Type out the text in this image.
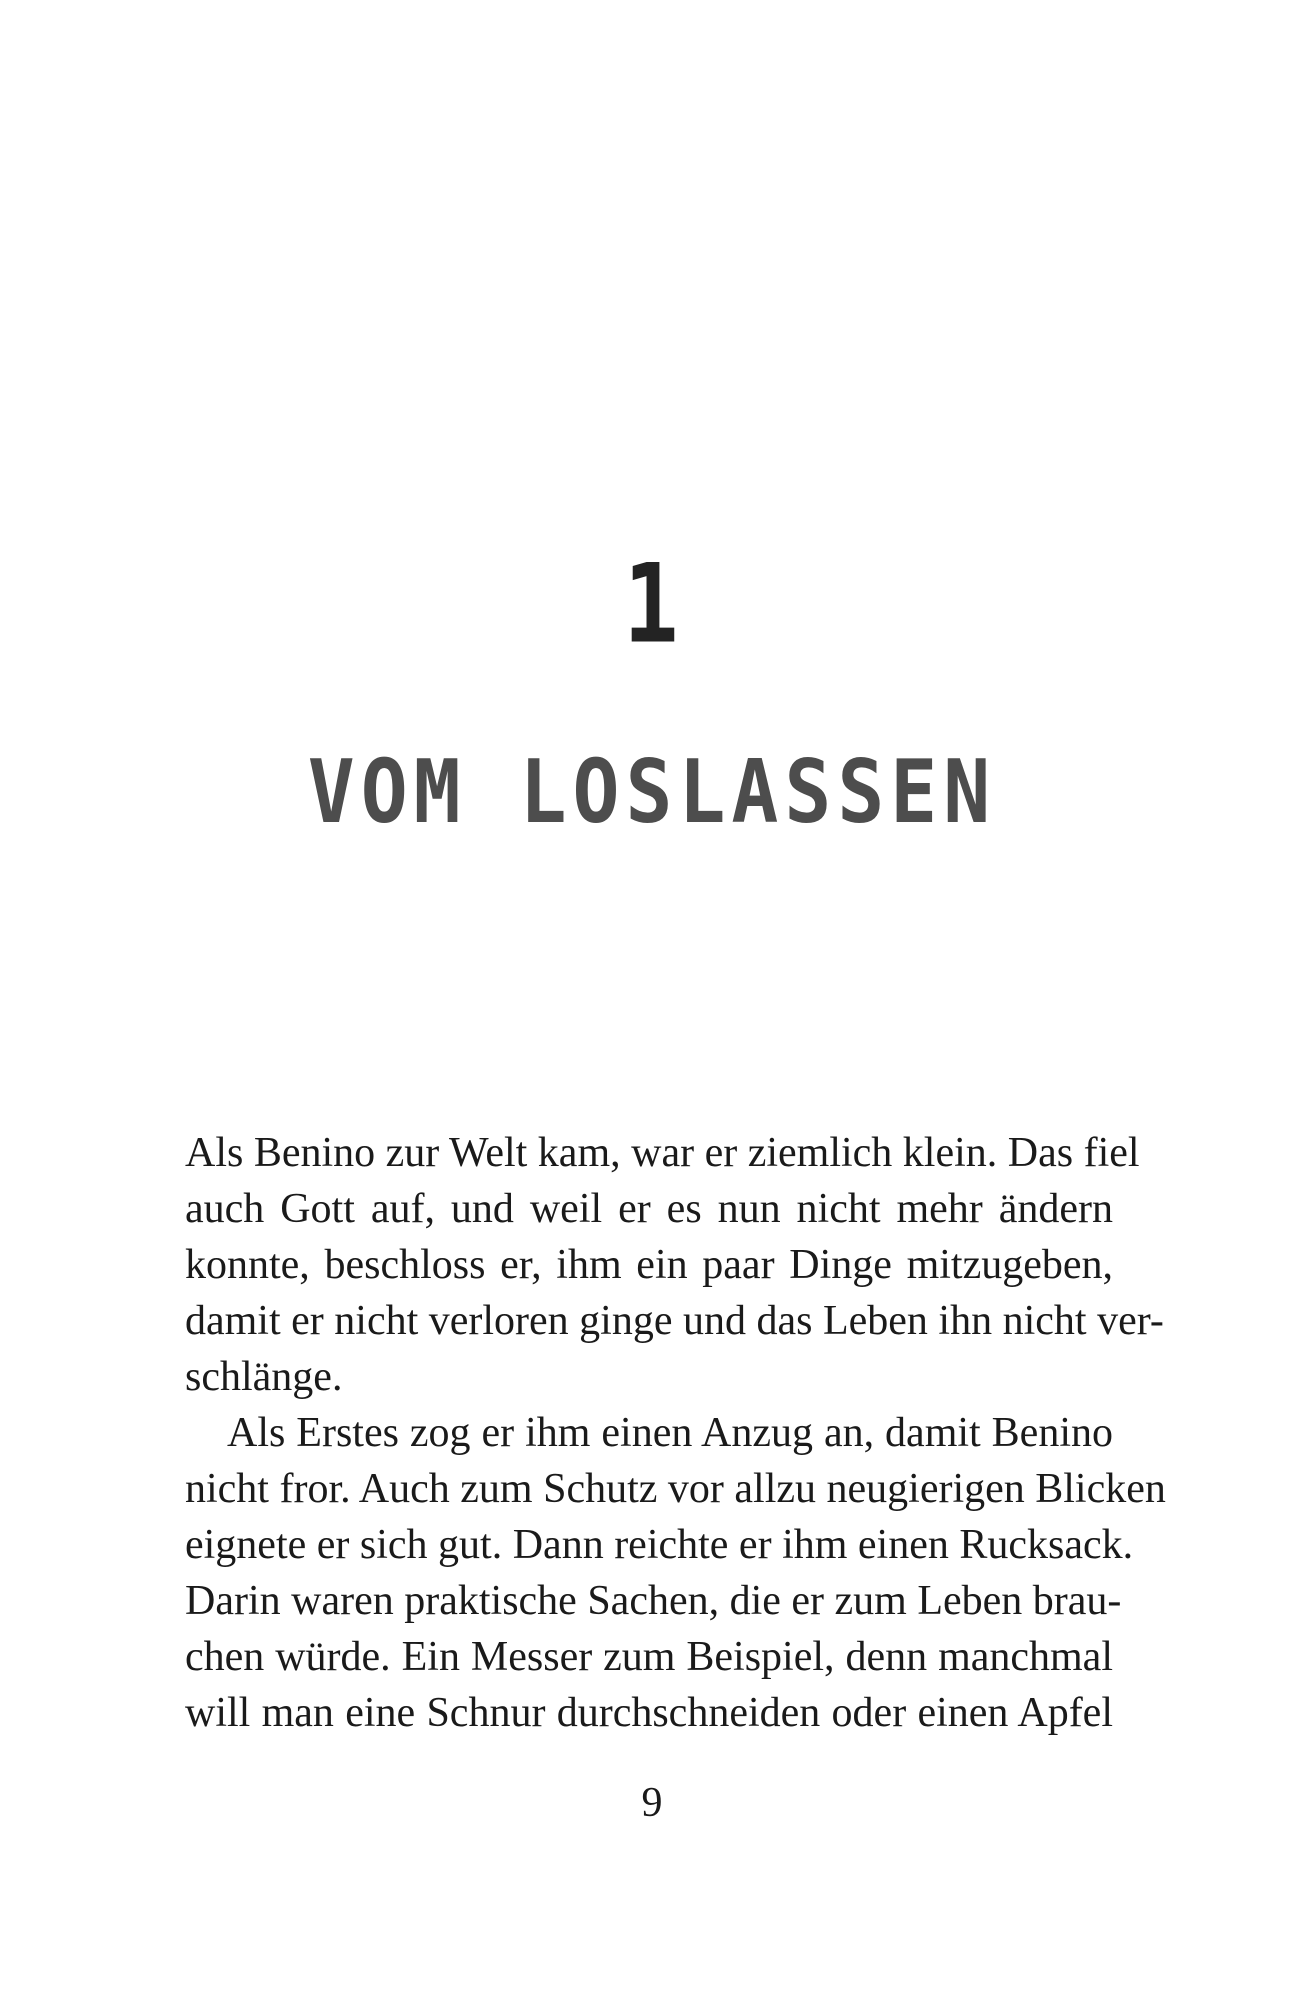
1
VOM LOSLASSEN
Als Benino zur Welt kam, war er ziemlich klein. Das fiel
auch Gott auf, und weil er es nun nicht mehr ändern
konnte, beschloss er, ihm ein paar Dinge mitzugeben,
damit er nicht verloren ginge und das Leben ihn nicht ver-
schlänge.
Als Erstes zog er ihm einen Anzug an, damit Benino
nicht fror. Auch zum Schutz vor allzu neugierigen Blicken
eignete er sich gut. Dann reichte er ihm einen Rucksack.
Darin waren praktische Sachen, die er zum Leben brau-
chen würde. Ein Messer zum Beispiel, denn manchmal
will man eine Schnur durchschneiden oder einen Apfel
9
